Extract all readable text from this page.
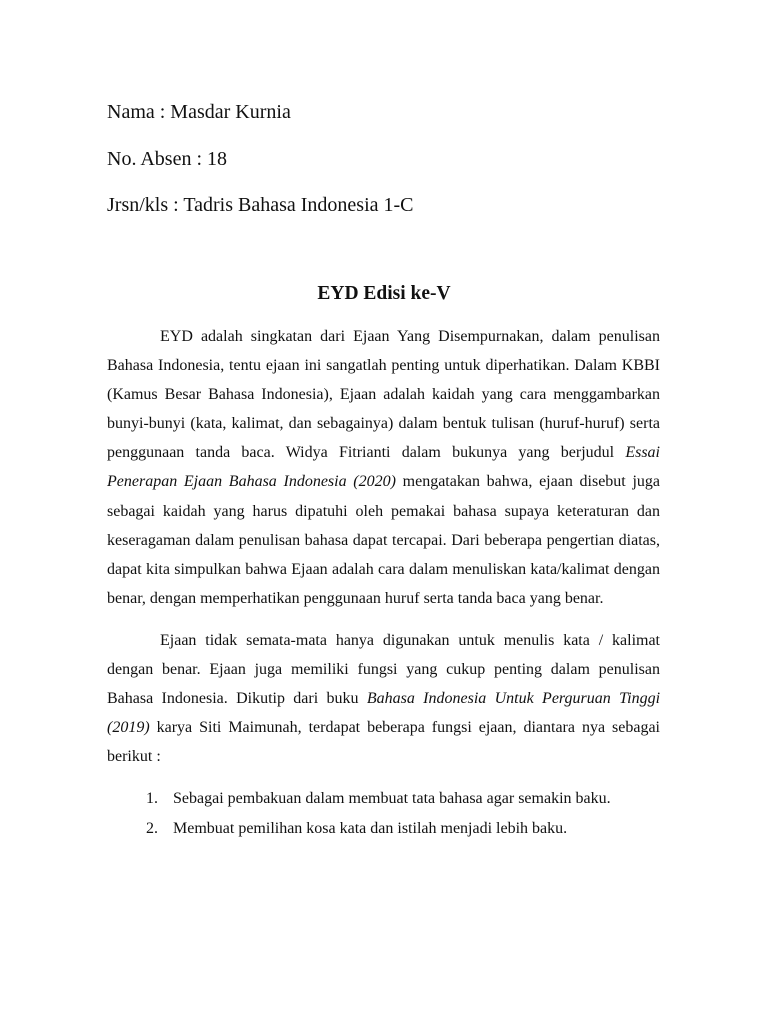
Nama : Masdar Kurnia
No. Absen : 18
Jrsn/kls : Tadris Bahasa Indonesia 1-C
EYD Edisi ke-V

EYD adalah singkatan dari Ejaan Yang Disempurnakan, dalam penulisan Bahasa Indonesia, tentu ejaan ini sangatlah penting untuk diperhatikan. Dalam KBBI (Kamus Besar Bahasa Indonesia), Ejaan adalah kaidah yang cara menggambarkan bunyi-bunyi (kata, kalimat, dan sebagainya) dalam bentuk tulisan (huruf-huruf) serta penggunaan tanda baca. Widya Fitrianti dalam bukunya yang berjudul Essai Penerapan Ejaan Bahasa Indonesia (2020) mengatakan bahwa, ejaan disebut juga sebagai kaidah yang harus dipatuhi oleh pemakai bahasa supaya keteraturan dan keseragaman dalam penulisan bahasa dapat tercapai. Dari beberapa pengertian diatas, dapat kita simpulkan bahwa Ejaan adalah cara dalam menuliskan kata/kalimat dengan benar, dengan memperhatikan penggunaan huruf serta tanda baca yang benar.

Ejaan tidak semata-mata hanya digunakan untuk menulis kata / kalimat dengan benar. Ejaan juga memiliki fungsi yang cukup penting dalam penulisan Bahasa Indonesia. Dikutip dari buku Bahasa Indonesia Untuk Perguruan Tinggi (2019) karya Siti Maimunah, terdapat beberapa fungsi ejaan, diantara nya sebagai berikut :

1. Sebagai pembakuan dalam membuat tata bahasa agar semakin baku.
2. Membuat pemilihan kosa kata dan istilah menjadi lebih baku.
